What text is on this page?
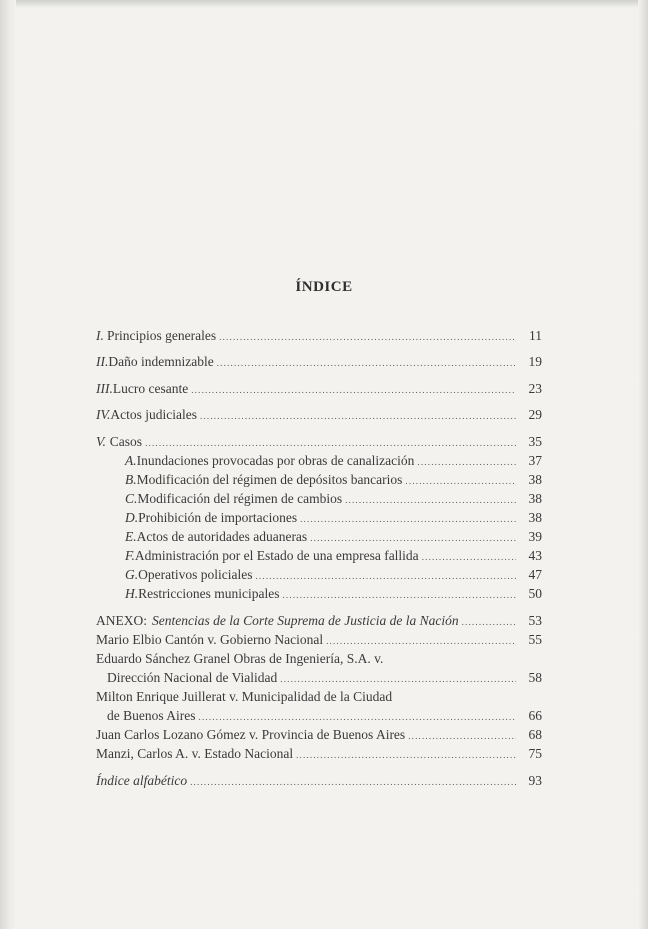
ÍNDICE
I. Principios generales .....	11
II. Daño indemnizable .....	19
III. Lucro cesante .....	23
IV. Actos judiciales .....	29
V. Casos .....	35
A. Inundaciones provocadas por obras de canalización .....	37
B. Modificación del régimen de depósitos bancarios .....	38
C. Modificación del régimen de cambios .....	38
D. Prohibición de importaciones .....	38
E. Actos de autoridades aduaneras .....	39
F. Administración por el Estado de una empresa fallida .....	43
G. Operativos policiales .....	47
H. Restricciones municipales .....	50
ANEXO: Sentencias de la Corte Suprema de Justicia de la Nación .....	53
Mario Elbio Cantón v. Gobierno Nacional .....	55
Eduardo Sánchez Granel Obras de Ingeniería, S.A. v.
Dirección Nacional de Vialidad .....	58
Milton Enrique Juillerat v. Municipalidad de la Ciudad
de Buenos Aires .....	66
Juan Carlos Lozano Gómez v. Provincia de Buenos Aires .....	68
Manzi, Carlos A. v. Estado Nacional .....	75
Índice alfabético .....	93
